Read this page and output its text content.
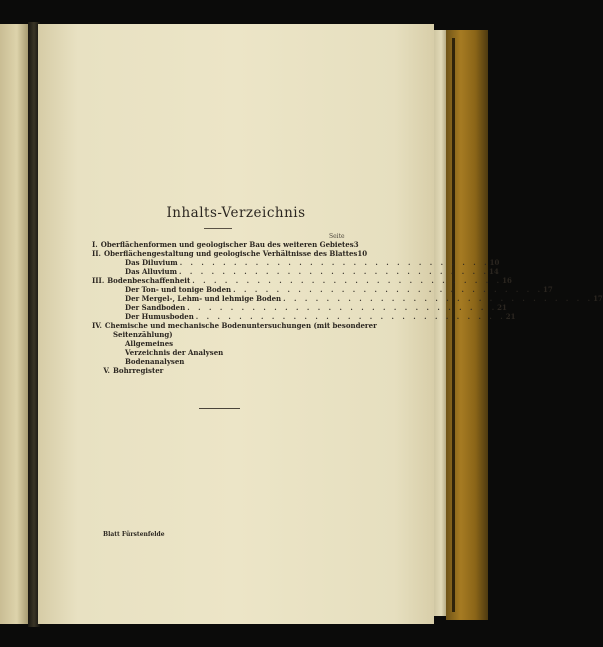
Inhalts-Verzeichnis
Seite
I. Oberflächenformen und geologischer Bau des weiteren Gebietes 3
II. Oberflächengestaltung und geologische Verhältnisse des Blattes 10
Das Diluvium . . . . . . . . . . . . . . . . . . . . . . . . . . . . . 10
Das Alluvium . . . . . . . . . . . . . . . . . . . . . . . . . . . . . 14
III. Bodenbeschaffenheit . . . . . . . . . . . . . . . . . . . . . . . . . . . . . 16
Der Ton- und tonige Boden . . . . . . . . . . . . . . . . . . . . . . . . . . . . . 17
Der Mergel-, Lehm- und lehmige Boden . . . . . . . . . . . . . . . . . . . . . . . . . . . . . 17
Der Sandboden . . . . . . . . . . . . . . . . . . . . . . . . . . . . . 21
Der Humusboden . . . . . . . . . . . . . . . . . . . . . . . . . . . . . 21
IV. Chemische und mechanische Bodenuntersuchungen (mit besonderer
Seitenzählung)
Allgemeines
Verzeichnis der Analysen
Bodenanalysen
V. Bohrregister
Blatt Fürstenfelde
